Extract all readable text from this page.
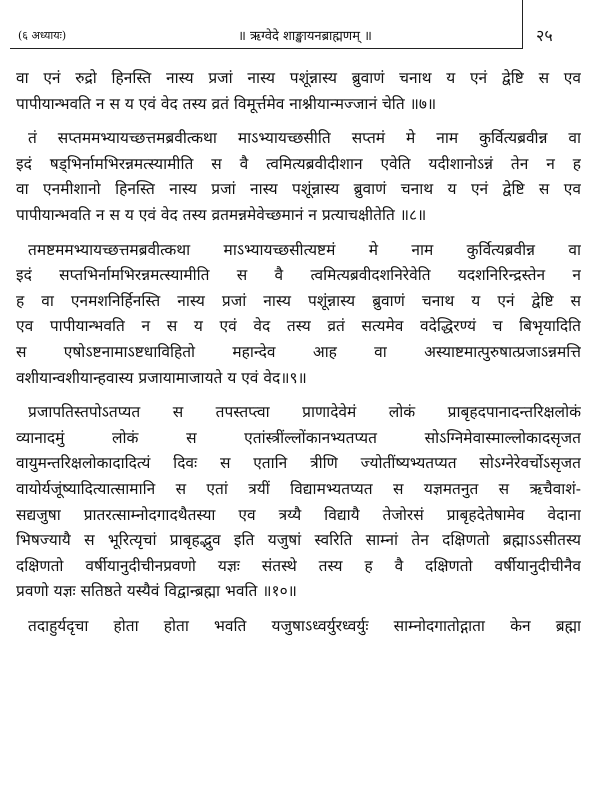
(६ अध्यायः)	॥ ऋग्वेदे शाङ्खायनब्राह्मणम् ॥	२५

वा एनं रुद्रो हिनस्ति नास्य प्रजां नास्य पशूंन्नास्य ब्रुवाणं चनाथ य एनं द्वेष्टि स एव
पापीयान्भवति न स य एवं वेद तस्य व्रतं विमूर्त्तमेव नाश्नीयान्मज्जानं चेति ॥७॥

तं सप्तममभ्यायच्छत्तमब्रवीत्कथा माऽभ्यायच्छसीति सप्तमं मे नाम कुर्वित्यब्रवीन्न वा
इदं षड्भिर्नामभिरन्नमत्स्यामीति स वै त्वमित्यब्रवीदीशान एवेति यदीशानोऽन्नं तेन न ह
वा एनमीशानो हिनस्ति नास्य प्रजां नास्य पशूंन्नास्य ब्रुवाणं चनाथ य एनं द्वेष्टि स एव
पापीयान्भवति न स य एवं वेद तस्य व्रतमन्नमेवेच्छमानं न प्रत्याचक्षीतेति ॥८॥

तमष्टममभ्यायच्छत्तमब्रवीत्कथा माऽभ्यायच्छसीत्यष्टमं मे नाम कुर्वित्यब्रवीन्न वा
इदं सप्तभिर्नामभिरन्नमत्स्यामीति स वै त्वमित्यब्रवीदशनिरेवेति यदशनिरिन्द्रस्तेन न
ह वा एनमशनिर्हिनस्ति नास्य प्रजां नास्य पशूंन्नास्य ब्रुवाणं चनाथ य एनं द्वेष्टि स
एव पापीयान्भवति न स य एवं वेद तस्य व्रतं सत्यमेव वदेद्धिरण्यं च बिभृयादिति
स एषोऽष्टनामाऽष्टधाविहितो महान्देव आह वा अस्याष्टमात्पुरुषात्प्रजाऽन्नमत्ति
वशीयान्वशीयान्हवास्य प्रजायामाजायते य एवं वेद॥९॥

प्रजापतिस्तपोऽतप्यत स तपस्तप्त्वा प्राणादेवेमं लोकं प्राबृहदपानादन्तरिक्षलोकं
व्यानादमुं लोकं स एतांस्त्रींल्लोंकानभ्यतप्यत सोऽग्निमेवास्माल्लोकादसृजत
वायुमन्तरिक्षलोकादादित्यं दिवः स एतानि त्रीणि ज्योतींष्यभ्यतप्यत सोऽग्नेरेवर्चोऽसृजत
वायोर्यजूंष्यादित्यात्सामानि स एतां त्रयीं विद्यामभ्यतप्यत स यज्ञमतनुत स ऋचैवाशं-
सद्यजुषा प्रातरत्साम्नोदगादथैतस्या एव त्रय्यै विद्यायै तेजोरसं प्राबृहदेतेषामेव वेदाना
भिषज्यायै स भूरित्यृचां प्राबृहद्भुव इति यजुषां स्वरिति साम्नां तेन दक्षिणतो ब्रह्माऽऽसीतस्य
दक्षिणतो वर्षीयानुदीचीनप्रवणो यज्ञः संतस्थे तस्य ह वै दक्षिणतो वर्षीयानुदीचीनैव
प्रवणो यज्ञः सतिष्ठते यस्यैवं विद्वान्ब्रह्मा भवति ॥१०॥

तदाहुर्यदृचा होता होता भवति यजुषाऽध्वर्युरध्वर्युः साम्नोदगातोद्गाता केन ब्रह्मा
